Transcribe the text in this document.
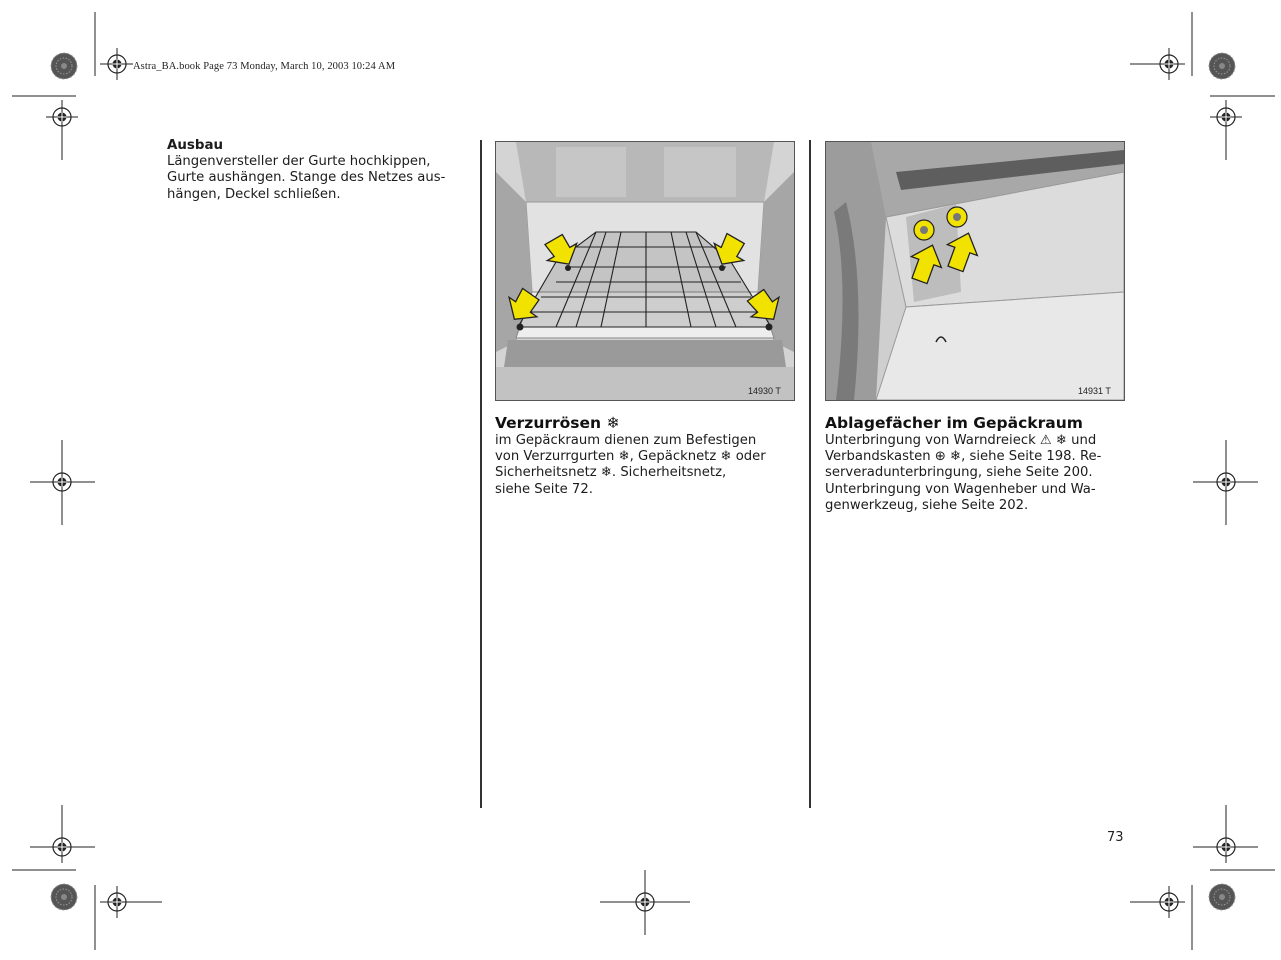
Astra_BA.book Page 73 Monday, March 10, 2003 10:24 AM
Ausbau
Längenversteller der Gurte hochkippen,
Gurte aushängen. Stange des Netzes aus-
hängen, Deckel schließen.
14930 T
Verzurrösen ❄
im Gepäckraum dienen zum Befestigen
von Verzurrgurten ❄, Gepäcknetz ❄ oder
Sicherheitsnetz ❄. Sicherheitsnetz,
siehe Seite 72.
14931 T
Ablagefächer im Gepäckraum
Unterbringung von Warndreieck ⚠ ❄ und
Verbandskasten ⊕ ❄, siehe Seite 198. Re-
serveradunterbringung, siehe Seite 200.
Unterbringung von Wagenheber und Wa-
genwerkzeug, siehe Seite 202.
73
